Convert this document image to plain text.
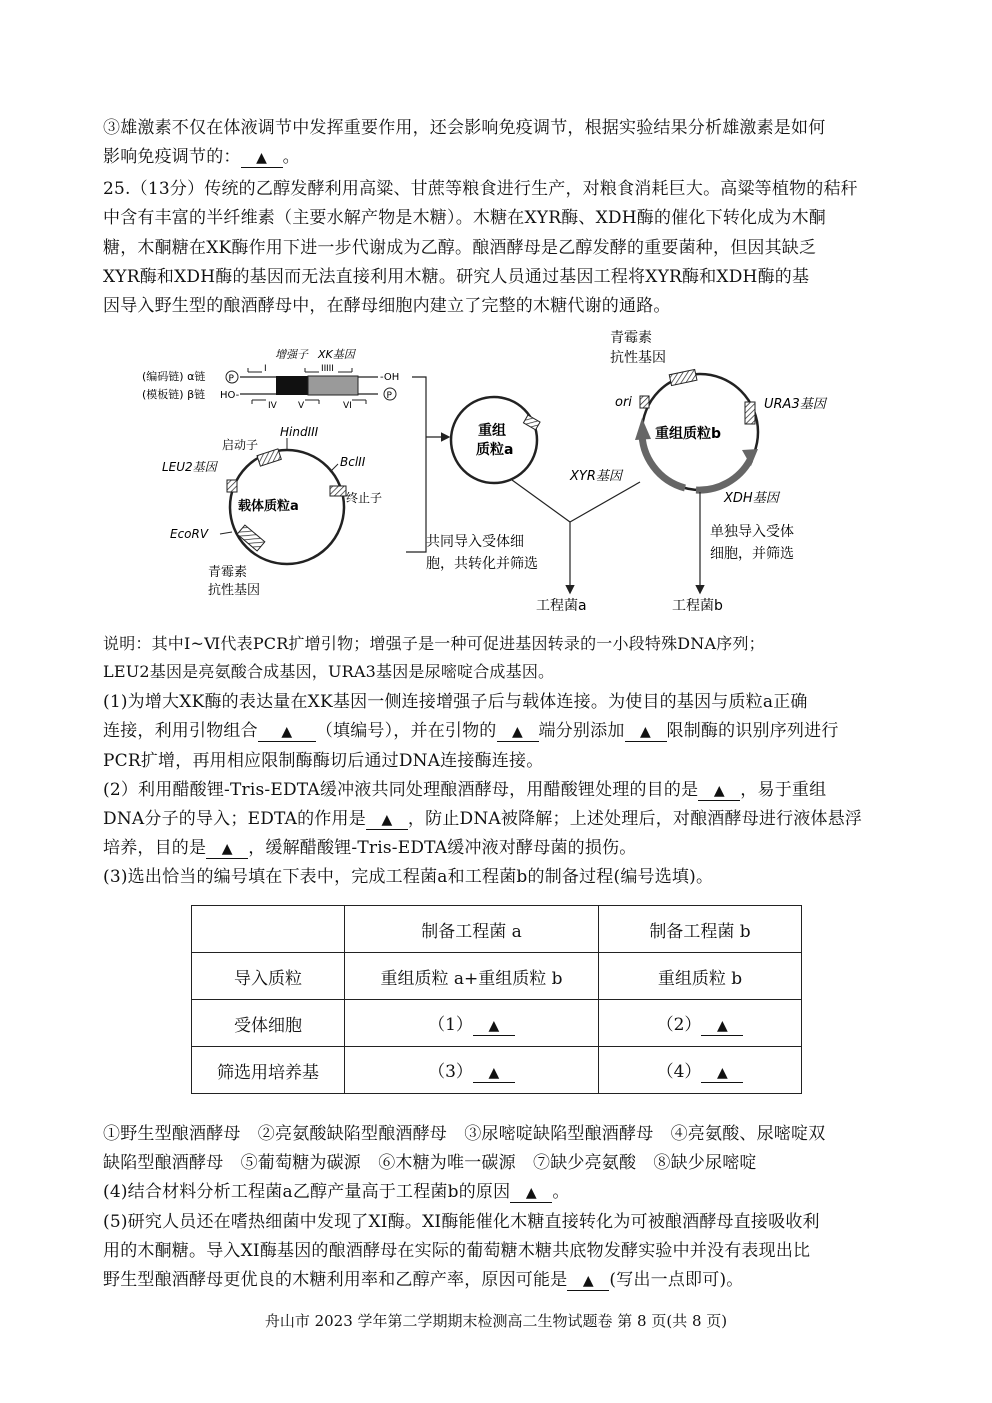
③雄激素不仅在体液调节中发挥重要作用，还会影响免疫调节，根据实验结果分析雄激素是如何
影响免疫调节的： ▲ 。
25.（13分）传统的乙醇发酵利用高粱、甘蔗等粮食进行生产，对粮食消耗巨大。高粱等植物的秸秆
中含有丰富的半纤维素（主要水解产物是木糖）。木糖在XYR酶、XDH酶的催化下转化成为木酮
糖，木酮糖在XK酶作用下进一步代谢成为乙醇。酿酒酵母是乙醇发酵的重要菌种，但因其缺乏
XYR酶和XDH酶的基因而无法直接利用木糖。研究人员通过基因工程将XYR酶和XDH酶的基
因导入野生型的酿酒酵母中，在酵母细胞内建立了完整的木糖代谢的通路。
增强子 XK基因
(编码链) α链
(模板链) β链
P
HO-
-OH
P
I	II III
IV V	VI
载体质粒a
启动子
HindIII
BclII
终止子
LEU2基因
EcoRV
青霉素
抗性基因
重组
质粒a
重组质粒b
青霉素
抗性基因
ori	URA3基因
XYR基因
XDH基因
共同导入受体细
胞，共转化并筛选
单独导入受体
细胞，并筛选
工程菌a	工程菌b
说明：其中Ⅰ~Ⅵ代表PCR扩增引物；增强子是一种可促进基因转录的一小段特殊DNA序列；
LEU2基因是亮氨酸合成基因，URA3基因是尿嘧啶合成基因。
(1)为增大XK酶的表达量在XK基因一侧连接增强子后与载体连接。为使目的基因与质粒a正确
连接，利用引物组合 ▲ （填编号），并在引物的 ▲ 端分别添加 ▲ 限制酶的识别序列进行
PCR扩增，再用相应限制酶酶切后通过DNA连接酶连接。
(2）利用醋酸锂-Tris-EDTA缓冲液共同处理酿酒酵母，用醋酸锂处理的目的是 ▲ ，易于重组
DNA分子的导入；EDTA的作用是 ▲ ，防止DNA被降解；上述处理后，对酿酒酵母进行液体悬浮
培养，目的是 ▲ ，缓解醋酸锂-Tris-EDTA缓冲液对酵母菌的损伤。
(3)选出恰当的编号填在下表中，完成工程菌a和工程菌b的制备过程(编号选填)。
	制备工程菌 a	制备工程菌 b
导入质粒	重组质粒 a+重组质粒 b	重组质粒 b
受体细胞	（1） ▲	（2） ▲
筛选用培养基	（3） ▲	（4） ▲
①野生型酿酒酵母　②亮氨酸缺陷型酿酒酵母　③尿嘧啶缺陷型酿酒酵母　④亮氨酸、尿嘧啶双
缺陷型酿酒酵母　⑤葡萄糖为碳源　⑥木糖为唯一碳源　⑦缺少亮氨酸　⑧缺少尿嘧啶
(4)结合材料分析工程菌a乙醇产量高于工程菌b的原因 ▲ 。
(5)研究人员还在嗜热细菌中发现了XI酶。XI酶能催化木糖直接转化为可被酿酒酵母直接吸收利
用的木酮糖。导入XI酶基因的酿酒酵母在实际的葡萄糖木糖共底物发酵实验中并没有表现出比
野生型酿酒酵母更优良的木糖利用率和乙醇产率，原因可能是 ▲ (写出一点即可)。
舟山市 2023 学年第二学期期末检测高二生物试题卷 第 8 页(共 8 页)
